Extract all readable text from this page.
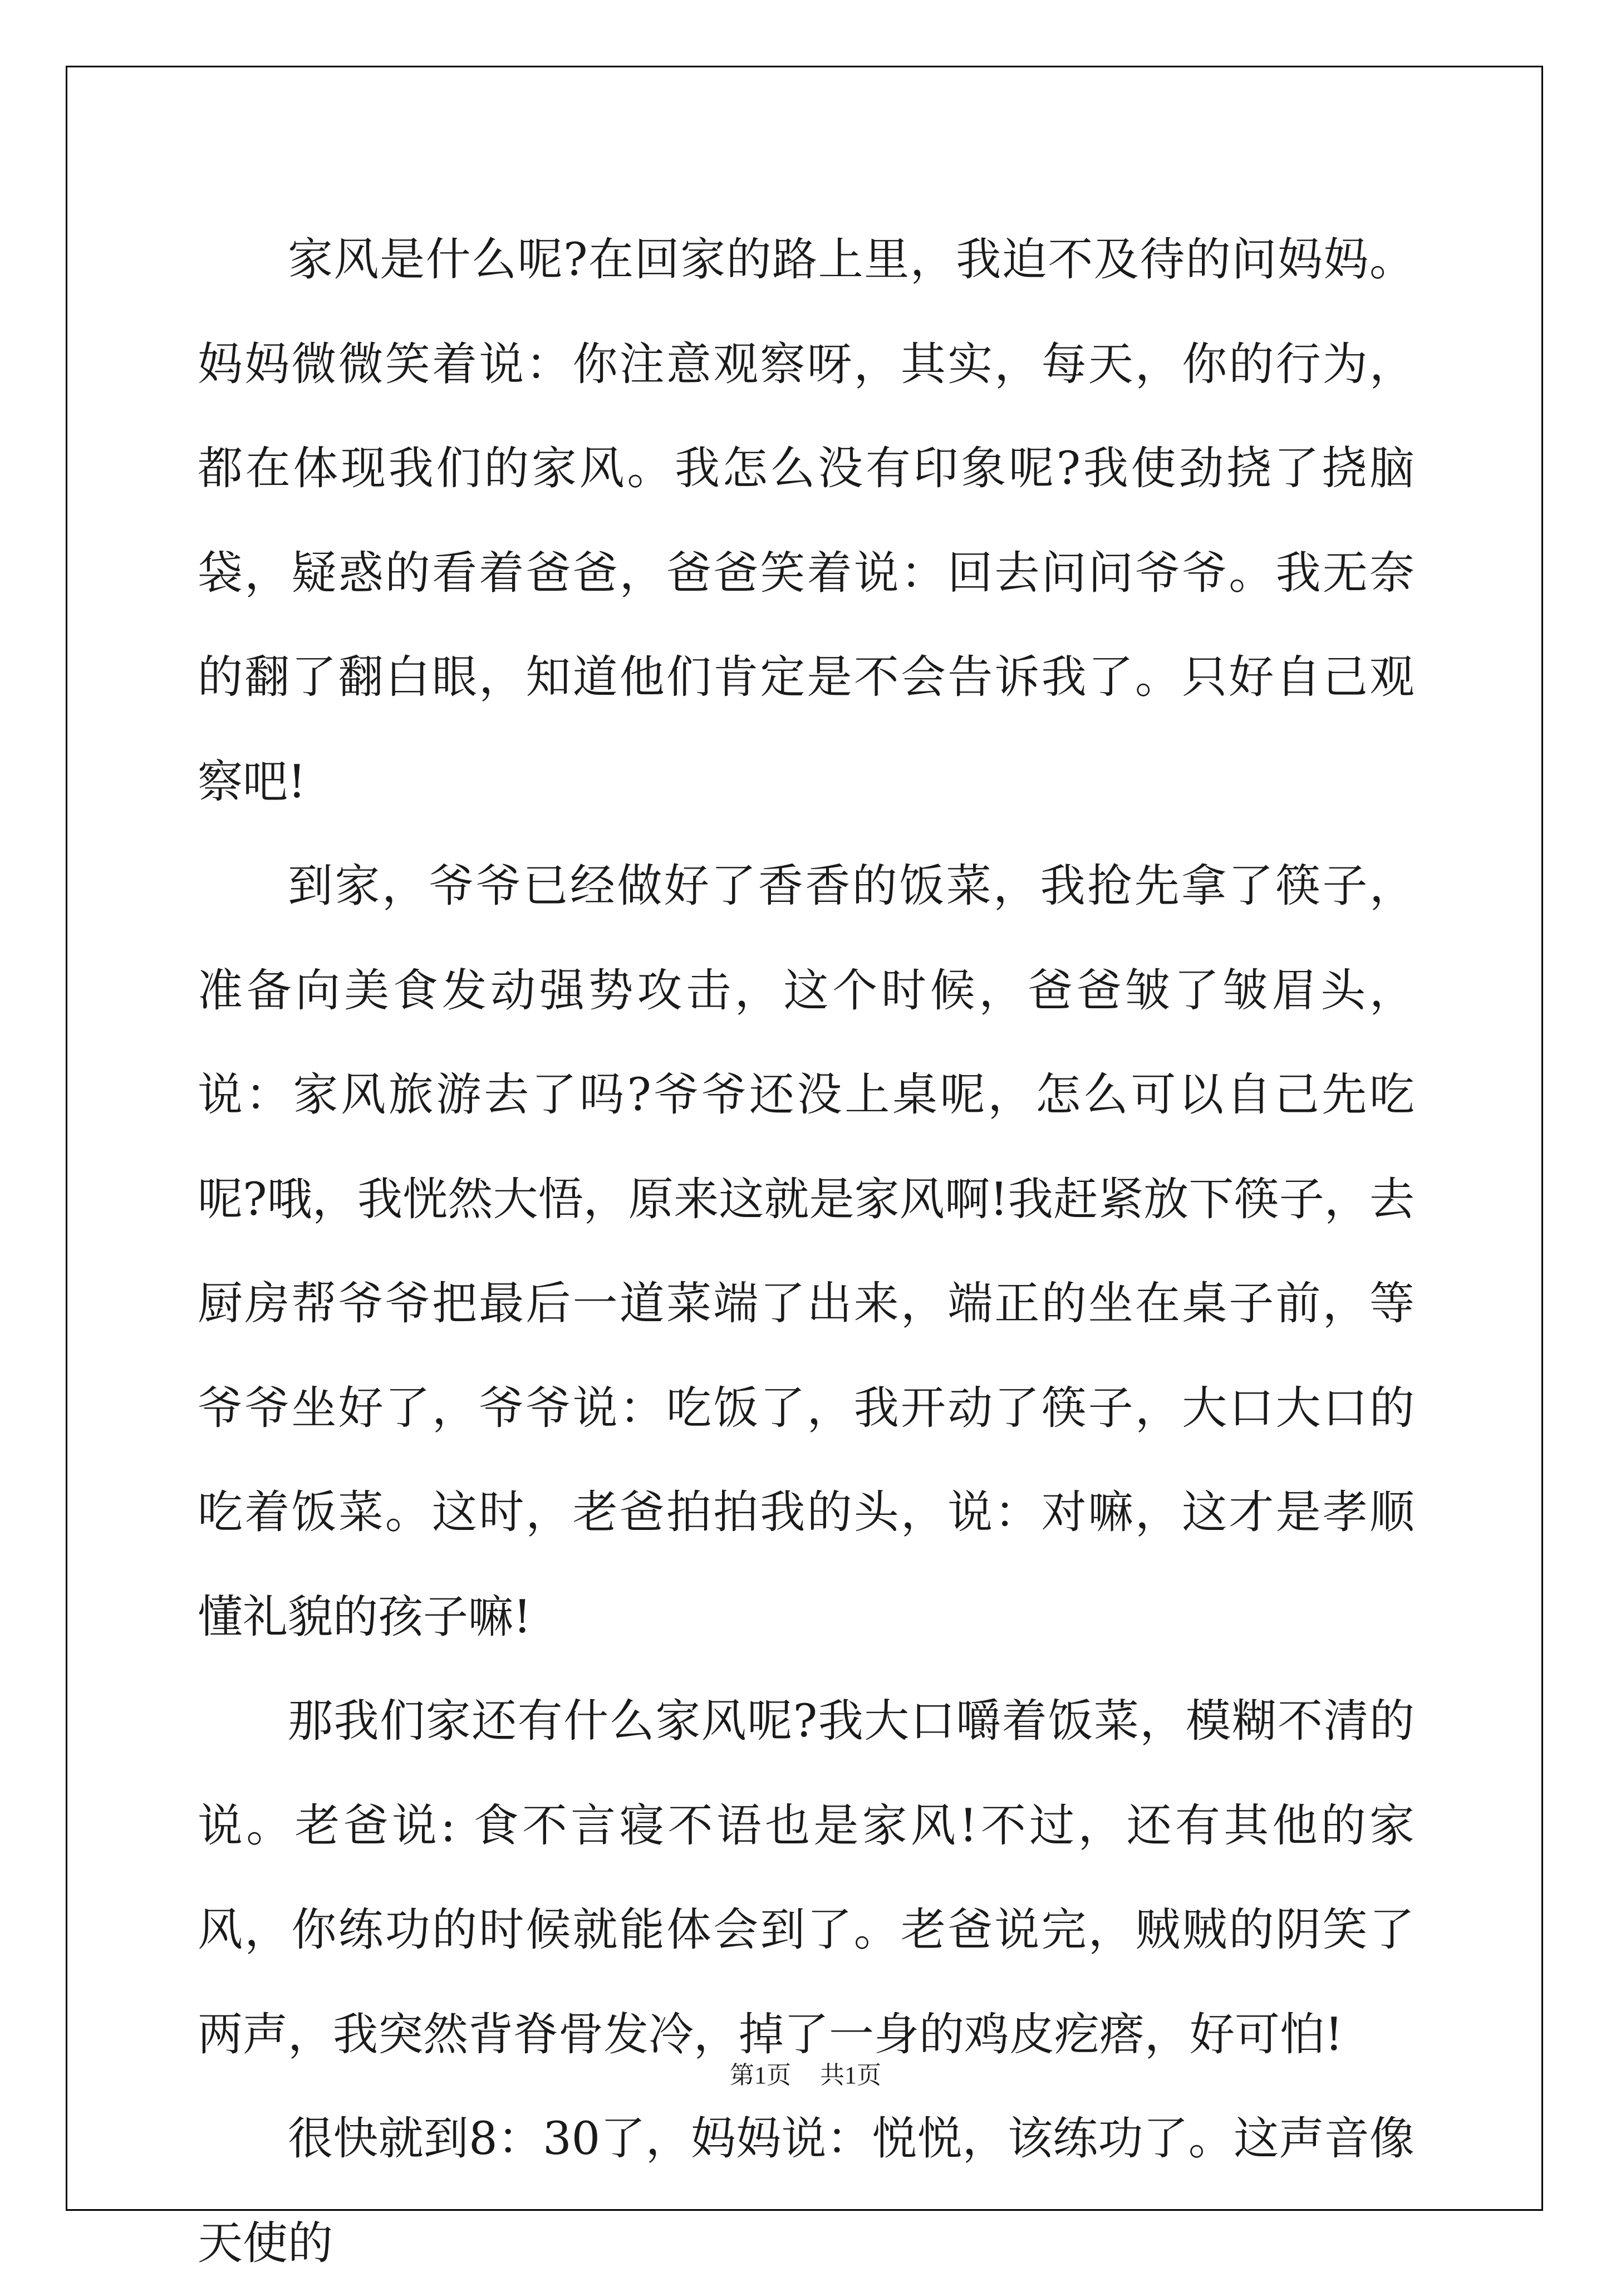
家风是什么呢?在回家的路上里，我迫不及待的问妈妈。妈妈微微笑着说：你注意观察呀，其实，每天，你的行为，都在体现我们的家风。我怎么没有印象呢?我使劲挠了挠脑袋，疑惑的看着爸爸，爸爸笑着说：回去问问爷爷。我无奈的翻了翻白眼，知道他们肯定是不会告诉我了。只好自己观察吧!

到家，爷爷已经做好了香香的饭菜，我抢先拿了筷子，准备向美食发动强势攻击，这个时候，爸爸皱了皱眉头，说：家风旅游去了吗?爷爷还没上桌呢，怎么可以自己先吃呢?哦，我恍然大悟，原来这就是家风啊!我赶紧放下筷子，去厨房帮爷爷把最后一道菜端了出来，端正的坐在桌子前，等爷爷坐好了，爷爷说：吃饭了，我开动了筷子，大口大口的吃着饭菜。这时，老爸拍拍我的头，说：对嘛，这才是孝顺懂礼貌的孩子嘛!

那我们家还有什么家风呢?我大口嚼着饭菜，模糊不清的说。老爸说: 食不言寝不语也是家风!不过，还有其他的家风，你练功的时候就能体会到了。老爸说完，贼贼的阴笑了两声，我突然背脊骨发冷，掉了一身的鸡皮疙瘩，好可怕!

很快就到8：30了，妈妈说：悦悦，该练功了。这声音像天使的

第1页 共1页
